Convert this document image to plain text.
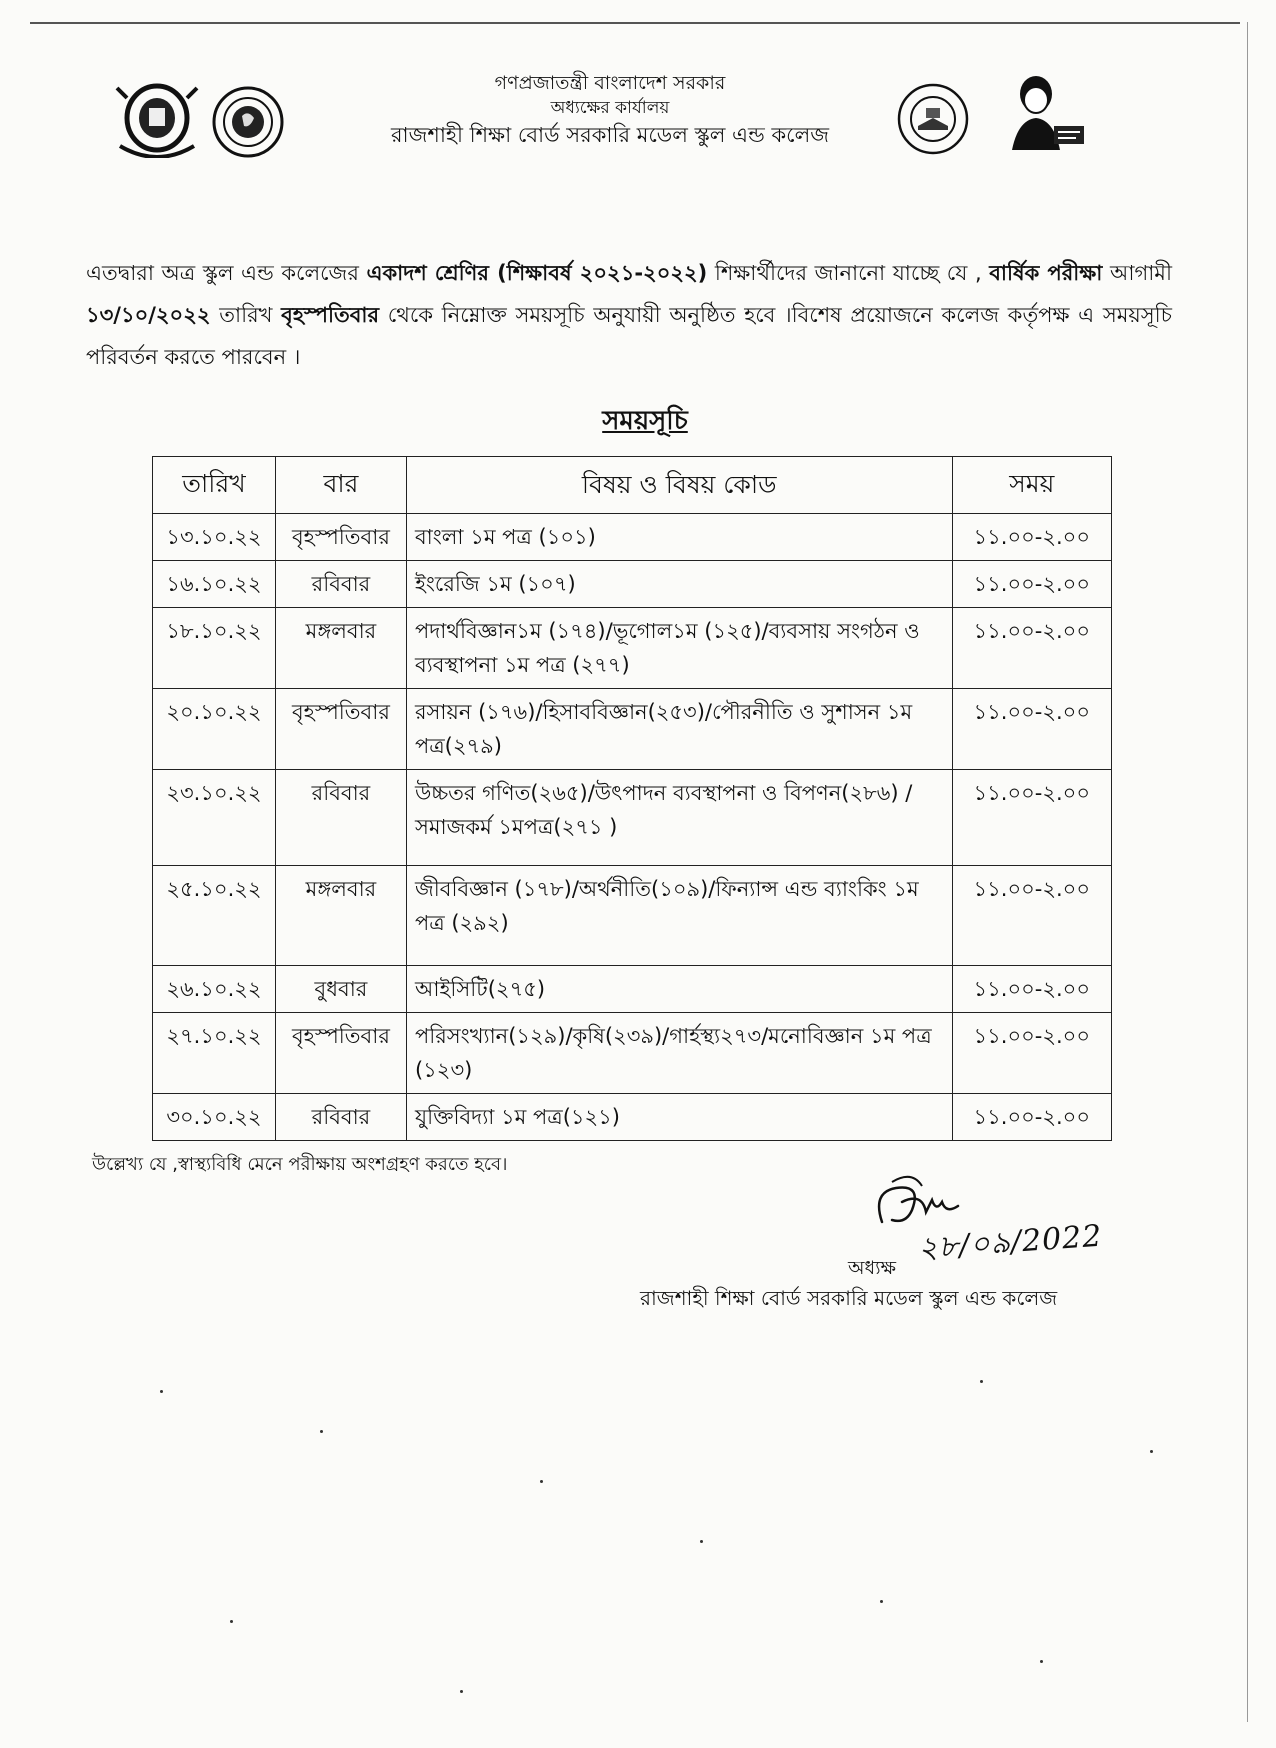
গণপ্রজাতন্ত্রী বাংলাদেশ সরকার
অধ্যক্ষের কার্যালয়
রাজশাহী শিক্ষা বোর্ড সরকারি মডেল স্কুল এন্ড কলেজ
এতদ্বারা অত্র স্কুল এন্ড কলেজের একাদশ শ্রেণির (শিক্ষাবর্ষ ২০২১-২০২২) শিক্ষার্থীদের জানানো যাচ্ছে যে , বার্ষিক পরীক্ষা আগামী ১৩/১০/২০২২ তারিখ বৃহস্পতিবার থেকে নিম্নোক্ত সময়সূচি অনুযায়ী অনুষ্ঠিত হবে ।বিশেষ প্রয়োজনে কলেজ কর্তৃপক্ষ এ সময়সূচি পরিবর্তন করতে পারবেন ।
সময়সূচি
তারিখ	বার	বিষয় ও বিষয় কোড	সময়
১৩.১০.২২	বৃহস্পতিবার	বাংলা ১ম পত্র (১০১)	১১.০০-২.০০
১৬.১০.২২	রবিবার	ইংরেজি ১ম (১০৭)	১১.০০-২.০০
১৮.১০.২২	মঙ্গলবার	পদার্থবিজ্ঞান১ম (১৭৪)/ভূগোল১ম (১২৫)/ব্যবসায় সংগঠন ও ব্যবস্থাপনা ১ম পত্র (২৭৭)	১১.০০-২.০০
২০.১০.২২	বৃহস্পতিবার	রসায়ন (১৭৬)/হিসাববিজ্ঞান(২৫৩)/পৌরনীতি ও সুশাসন ১ম পত্র(২৭৯)	১১.০০-২.০০
২৩.১০.২২	রবিবার	উচ্চতর গণিত(২৬৫)/উৎপাদন ব্যবস্থাপনা ও বিপণন(২৮৬) /সমাজকর্ম ১মপত্র(২৭১ )	১১.০০-২.০০
২৫.১০.২২	মঙ্গলবার	জীববিজ্ঞান (১৭৮)/অর্থনীতি(১০৯)/ফিন্যান্স এন্ড ব্যাংকিং ১ম পত্র (২৯২)	১১.০০-২.০০
২৬.১০.২২	বুধবার	আইসিটি(২৭৫)	১১.০০-২.০০
২৭.১০.২২	বৃহস্পতিবার	পরিসংখ্যান(১২৯)/কৃষি(২৩৯)/গার্হস্থ্য২৭৩/মনোবিজ্ঞান ১ম পত্র (১২৩)	১১.০০-২.০০
৩০.১০.২২	রবিবার	যুক্তিবিদ্যা ১ম পত্র(১২১)	১১.০০-২.০০
উল্লেখ্য যে ,স্বাস্থ্যবিধি মেনে পরীক্ষায় অংশগ্রহণ করতে হবে।
২৮/০৯/2022
অধ্যক্ষ
রাজশাহী শিক্ষা বোর্ড সরকারি মডেল স্কুল এন্ড কলেজ
